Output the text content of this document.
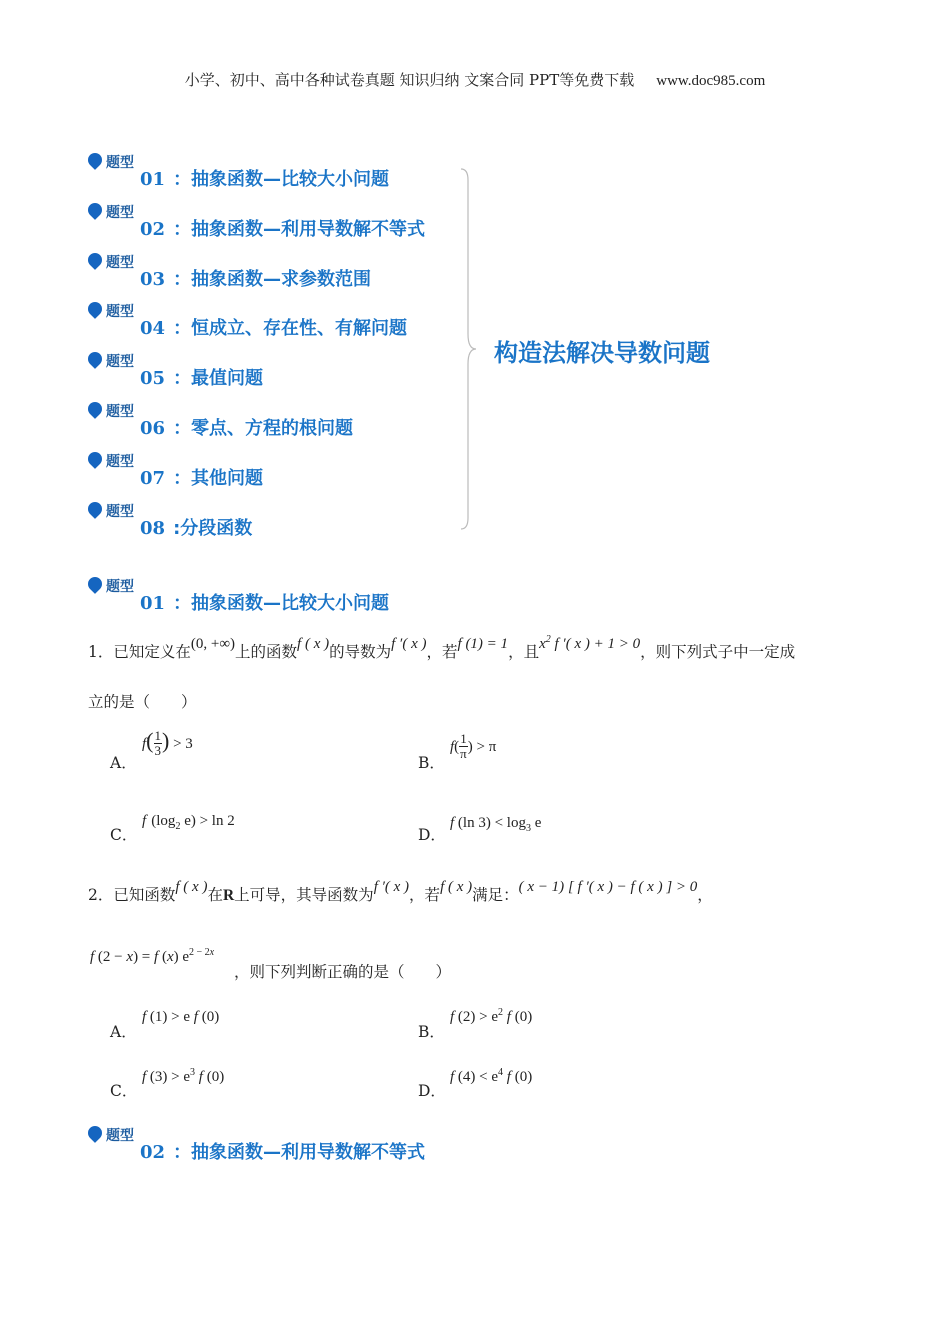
小学、初中、高中各种试卷真题 知识归纳 文案合同 PPT等免费下载 www.doc985.com
题型
01 ：抽象函数—比较大小问题
题型
02 ：抽象函数—利用导数解不等式
题型
03 ：抽象函数—求参数范围
题型
04 ：恒成立、存在性、有解问题
题型
05 ：最值问题
题型
06 ：零点、方程的根问题
题型
07 ：其他问题
题型
08 :分段函数
构造法解决导数问题
题型
01 ：抽象函数—比较大小问题
1．已知定义在(0, +∞)上的函数f ( x )的导数为f ′( x )，若f (1) = 1，且$x^2$ f ′( x ) + 1 > 0，则下列式子中一定成
立的是（　　）
A．
$f( \frac{1}{3}$ ) > 3
B．
$f( \frac{1}{\pi}$ ) > π
C．
f ($\log_2$ e) > ln 2
D．
f (ln $3) < \log_3 e$
2．已知函数f ( x )在R上可导，其导函数为f ′( x )，若f ( x )满足：( x − 1) [ f ′( x ) − f ( x ) ] > 0，
f (2 − x) = f (x) $e^{2 - 2x}$
，则下列判断正确的是（　　）
A．
f (1) > e f (0)
B．
f $(2) > e^2$ f (0)
C．
f $(3) > e^3$ f (0)
D．
f $(4) < e^4$ f (0)
题型
02 ：抽象函数—利用导数解不等式
